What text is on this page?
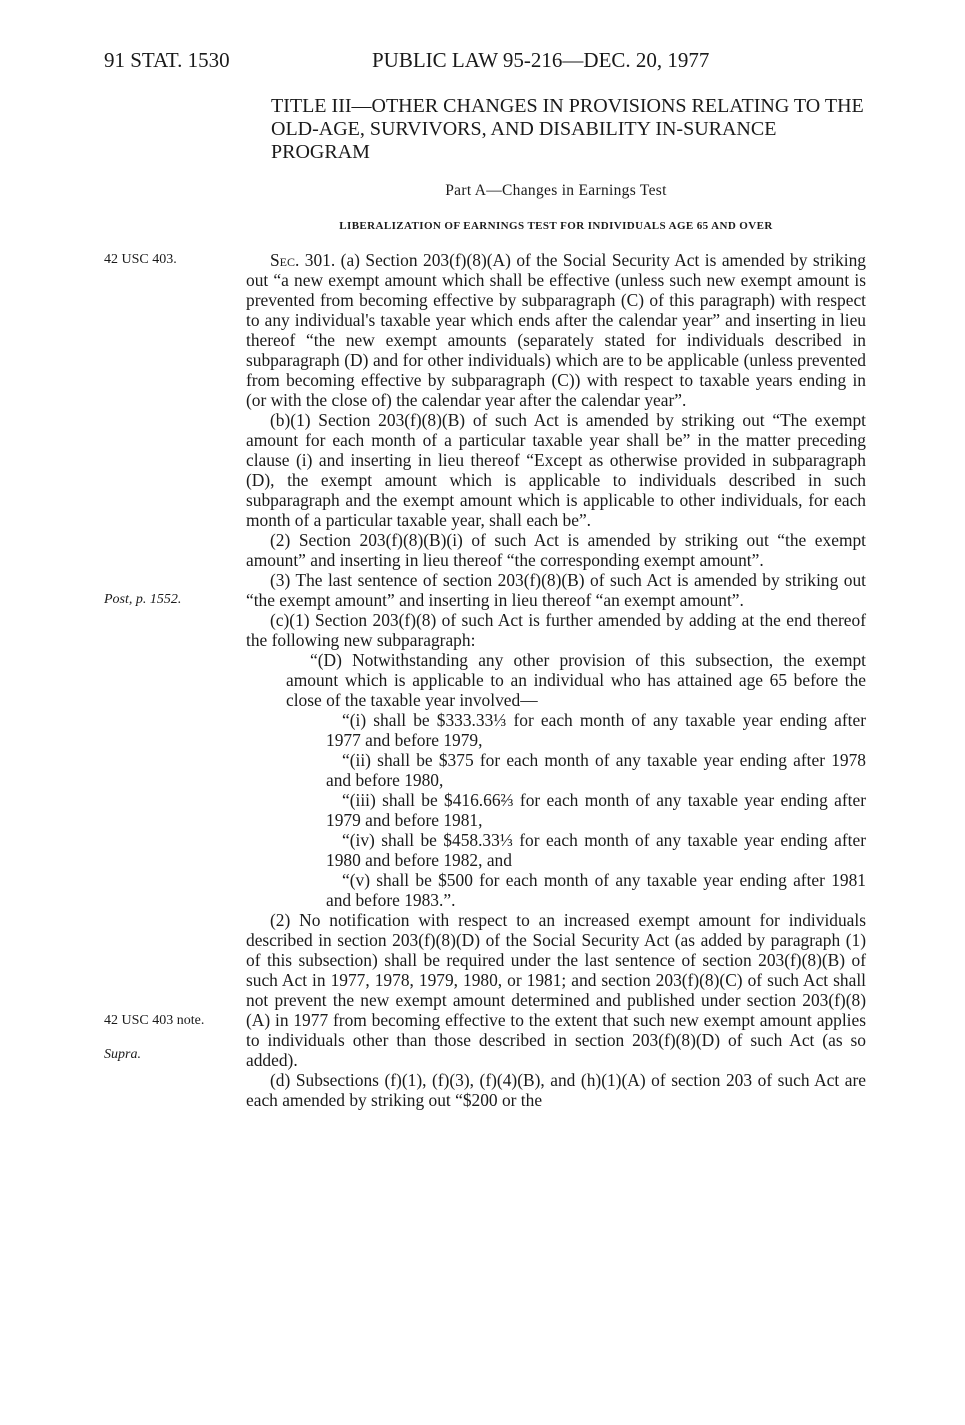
91 STAT. 1530	PUBLIC LAW 95-216—DEC. 20, 1977
TITLE III—OTHER CHANGES IN PROVISIONS RELATING TO THE OLD-AGE, SURVIVORS, AND DISABILITY IN-SURANCE PROGRAM
Part A—Changes in Earnings Test
LIBERALIZATION OF EARNINGS TEST FOR INDIVIDUALS AGE 65 AND OVER
42 USC 403.
Post, p. 1552.
42 USC 403 note.
Supra.

Sec. 301. (a) Section 203(f)(8)(A) of the Social Security Act is amended by striking out “a new exempt amount which shall be effective (unless such new exempt amount is prevented from becoming effective by subparagraph (C) of this paragraph) with respect to any individual's taxable year which ends after the calendar year” and inserting in lieu thereof “the new exempt amounts (separately stated for individuals described in subparagraph (D) and for other individuals) which are to be applicable (unless prevented from becoming effective by subparagraph (C)) with respect to taxable years ending in (or with the close of) the calendar year after the calendar year”.

(b)(1) Section 203(f)(8)(B) of such Act is amended by striking out “The exempt amount for each month of a particular taxable year shall be” in the matter preceding clause (i) and inserting in lieu thereof “Except as otherwise provided in subparagraph (D), the exempt amount which is applicable to individuals described in such subparagraph and the exempt amount which is applicable to other individuals, for each month of a particular taxable year, shall each be”.

(2) Section 203(f)(8)(B)(i) of such Act is amended by striking out “the exempt amount” and inserting in lieu thereof “the corresponding exempt amount”.

(3) The last sentence of section 203(f)(8)(B) of such Act is amended by striking out “the exempt amount” and inserting in lieu thereof “an exempt amount”.

(c)(1) Section 203(f)(8) of such Act is further amended by adding at the end thereof the following new subparagraph:

“(D) Notwithstanding any other provision of this subsection, the exempt amount which is applicable to an individual who has attained age 65 before the close of the taxable year involved—

“(i) shall be $333.33⅓ for each month of any taxable year ending after 1977 and before 1979,

“(ii) shall be $375 for each month of any taxable year ending after 1978 and before 1980,

“(iii) shall be $416.66⅔ for each month of any taxable year ending after 1979 and before 1981,

“(iv) shall be $458.33⅓ for each month of any taxable year ending after 1980 and before 1982, and

“(v) shall be $500 for each month of any taxable year ending after 1981 and before 1983.”.

(2) No notification with respect to an increased exempt amount for individuals described in section 203(f)(8)(D) of the Social Security Act (as added by paragraph (1) of this subsection) shall be required under the last sentence of section 203(f)(8)(B) of such Act in 1977, 1978, 1979, 1980, or 1981; and section 203(f)(8)(C) of such Act shall not prevent the new exempt amount determined and published under section 203(f)(8)(A) in 1977 from becoming effective to the extent that such new exempt amount applies to individuals other than those described in section 203(f)(8)(D) of such Act (as so added).

(d) Subsections (f)(1), (f)(3), (f)(4)(B), and (h)(1)(A) of section 203 of such Act are each amended by striking out “$200 or the
